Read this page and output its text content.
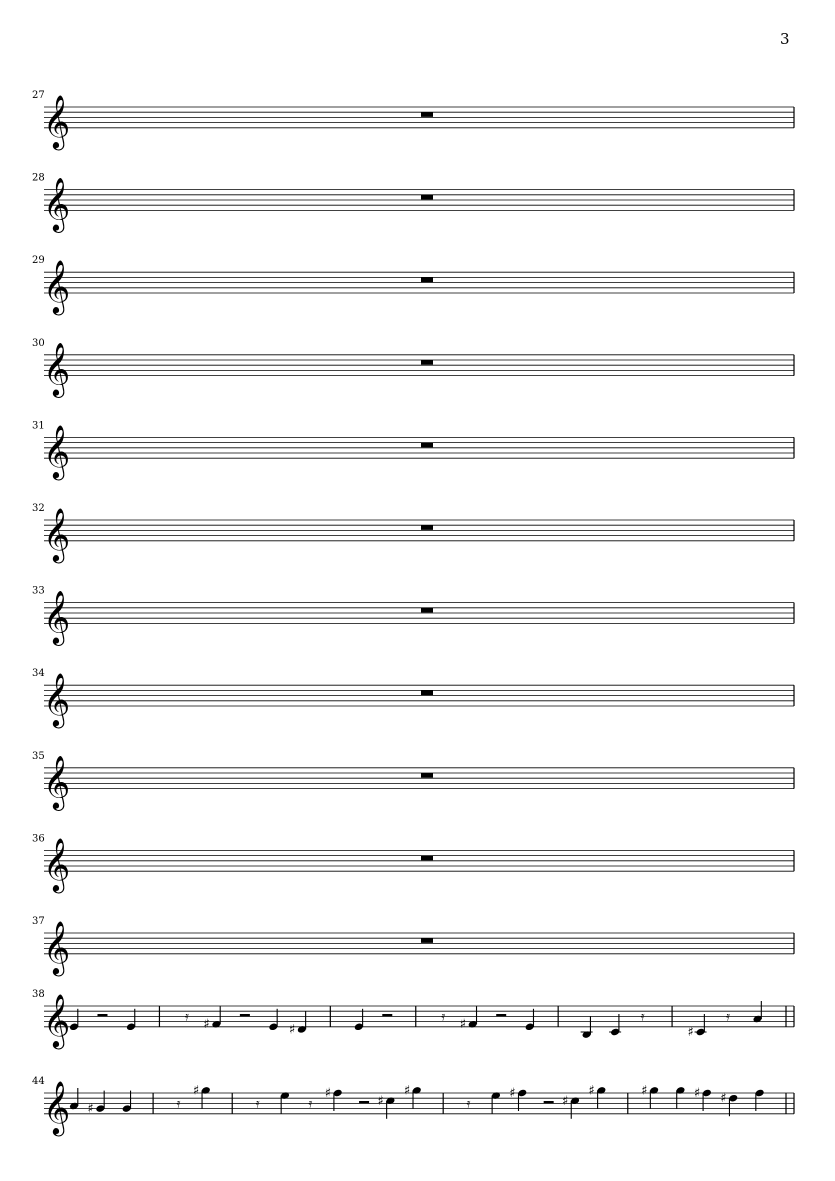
3
27
𝄞
28
𝄞
29
𝄞
30
𝄞
31
𝄞
32
𝄞
33
𝄞
34
𝄞
35
𝄞
36
𝄞
37
𝄞
38
𝄞	𝄿
♯	♯
𝄿
♯
𝄿
♯
𝄿
44
𝄞 ♯	𝄿
♯
𝄿	𝄿
♯
♯
♯
𝄿
♯
♯
♯	♯	♯ ♯
